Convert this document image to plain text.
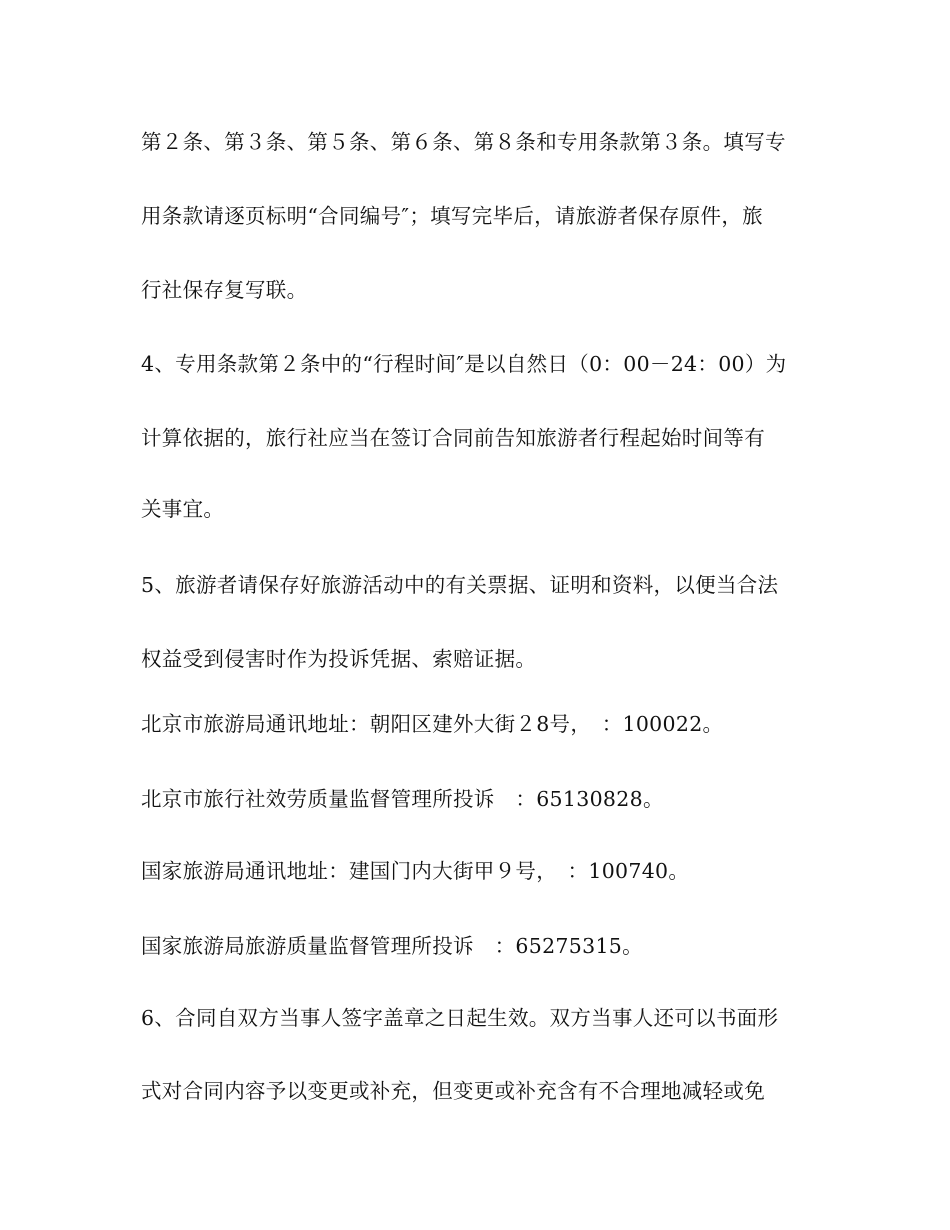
第２条、第３条、第５条、第６条、第８条和专用条款第３条。填写专
用条款请逐页标明“合同编号″；填写完毕后，请旅游者保存原件，旅
行社保存复写联。
4、专用条款第２条中的“行程时间″是以自然日（0：00－24：00）为
计算依据的，旅行社应当在签订合同前告知旅游者行程起始时间等有
关事宜。
5、旅游者请保存好旅游活动中的有关票据、证明和资料，以便当合法
权益受到侵害时作为投诉凭据、索赔证据。
北京市旅游局通讯地址：朝阳区建外大街２8号，　：100022。
北京市旅行社效劳质量监督管理所投诉　：65130828。
国家旅游局通讯地址：建国门内大街甲９号，　：100740。
国家旅游局旅游质量监督管理所投诉　：65275315。
6、合同自双方当事人签字盖章之日起生效。双方当事人还可以书面形
式对合同内容予以变更或补充，但变更或补充含有不合理地减轻或免
